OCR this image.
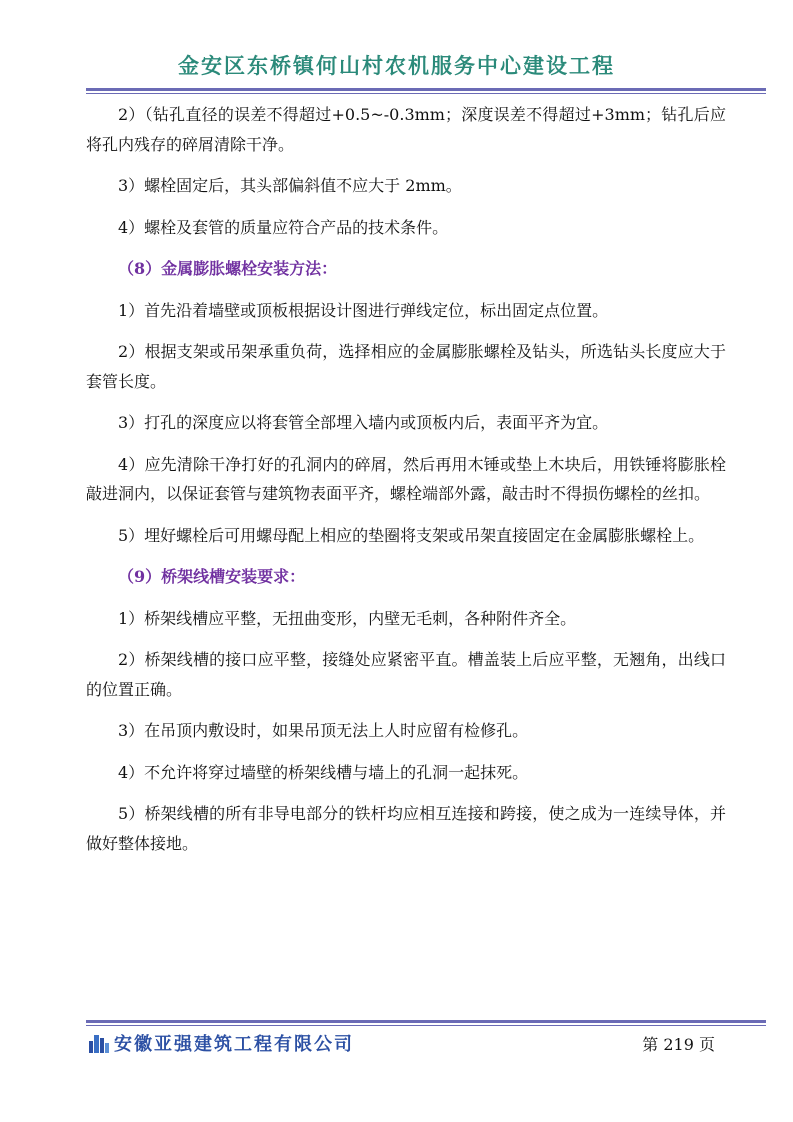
金安区东桥镇何山村农机服务中心建设工程

2）（钻孔直径的误差不得超过+0.5~-0.3mm；深度误差不得超过+3mm；钻孔后应将孔内残存的碎屑清除干净。

3）螺栓固定后，其头部偏斜值不应大于 2mm。

4）螺栓及套管的质量应符合产品的技术条件。

（8）金属膨胀螺栓安装方法：

1）首先沿着墙壁或顶板根据设计图进行弹线定位，标出固定点位置。

2）根据支架或吊架承重负荷，选择相应的金属膨胀螺栓及钻头，所选钻头长度应大于套管长度。

3）打孔的深度应以将套管全部埋入墙内或顶板内后，表面平齐为宜。

4）应先清除干净打好的孔洞内的碎屑，然后再用木锤或垫上木块后，用铁锤将膨胀栓敲进洞内，以保证套管与建筑物表面平齐，螺栓端部外露，敲击时不得损伤螺栓的丝扣。

5）埋好螺栓后可用螺母配上相应的垫圈将支架或吊架直接固定在金属膨胀螺栓上。

（9）桥架线槽安装要求：

1）桥架线槽应平整，无扭曲变形，内壁无毛刺，各种附件齐全。

2）桥架线槽的接口应平整，接缝处应紧密平直。槽盖装上后应平整，无翘角，出线口的位置正确。

3）在吊顶内敷设时，如果吊顶无法上人时应留有检修孔。

4）不允许将穿过墙壁的桥架线槽与墙上的孔洞一起抹死。

5）桥架线槽的所有非导电部分的铁杆均应相互连接和跨接，使之成为一连续导体，并做好整体接地。

安徽亚强建筑工程有限公司	第 219 页
